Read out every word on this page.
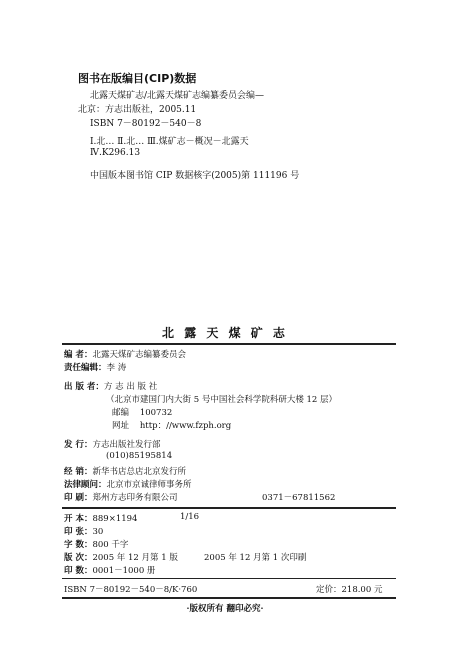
图书在版编目(CIP)数据
北露天煤矿志/北露天煤矿志编纂委员会编—
北京：方志出版社，2005.11
ISBN 7－80192－540－8
Ⅰ.北… Ⅱ.北… Ⅲ.煤矿志－概况－北露天
Ⅳ.K296.13
中国版本图书馆 CIP 数据核字(2005)第 111196 号
北 露 天 煤 矿 志
编 者：北露天煤矿志编纂委员会
责任编辑：李 涛
出 版 者：方 志 出 版 社
（北京市建国门内大街 5 号中国社会科学院科研大楼 12 层）
邮编 100732
网址 http：//www.fzph.org
发 行：方志出版社发行部
(010)85195814
经 销：新华书店总店北京发行所
法律顾问：北京市京诚律师事务所
印 刷：郑州方志印务有限公司	0371－67811562
开 本：889×1194	1/16
印 张：30
字 数：800 千字
版 次：2005 年 12 月第 1 版	2005 年 12 月第 1 次印刷
印 数：0001－1000 册
ISBN 7－80192－540－8/K·760	定价：218.00 元
·版权所有 翻印必究·
